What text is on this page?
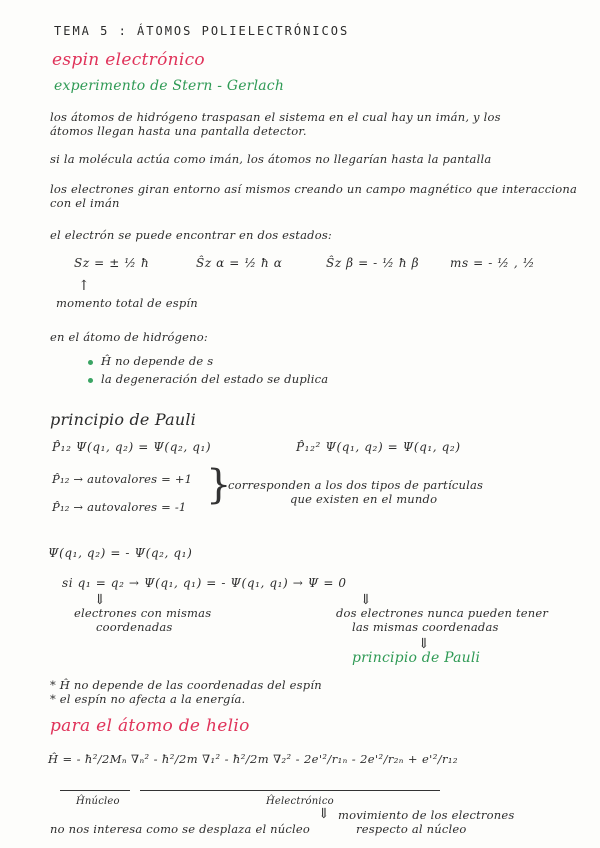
TEMA 5 : ÁTOMOS POLIELECTRÓNICOS
espin electrónico
experimento de Stern - Gerlach
los átomos de hidrógeno traspasan el sistema en el cual hay un imán, y los
átomos llegan hasta una pantalla detector.
si la molécula actúa como imán, los átomos no llegarían hasta la pantalla
los electrones giran entorno así mismos creando un campo magnético que interacciona
con el imán
el electrón se puede encontrar en dos estados:
Sz = ± ½ ħ	Ŝz α = ½ ħ α	Ŝz β = - ½ ħ β	ms = - ½ , ½
↑
momento total de espín
en el átomo de hidrógeno:
Ĥ no depende de s
la degeneración del estado se duplica
principio de Pauli
P̂₁₂ Ψ(q₁, q₂) = Ψ(q₂, q₁)	P̂₁₂² Ψ(q₁, q₂) = Ψ(q₁, q₂)
P̂₁₂ → autovalores = +1
P̂₁₂ → autovalores = -1 }
corresponden a los dos tipos de partículas
que existen en el mundo
Ψ(q₁, q₂) = - Ψ(q₂, q₁)
si q₁ = q₂ → Ψ(q₁, q₁) = - Ψ(q₁, q₁) → Ψ = 0
⇓
electrones con mismas
coordenadas
⇓
dos electrones nunca pueden tener
las mismas coordenadas
⇓
principio de Pauli
* Ĥ no depende de las coordenadas del espín
* el espín no afecta a la energía.
para el átomo de helio
Ĥ = - ħ²/2Mₙ ∇ₙ² - ħ²/2m ∇₁² - ħ²/2m ∇₂² - 2e'²/r₁ₙ - 2e'²/r₂ₙ + e'²/r₁₂
Ĥnúcleo	Ĥelectrónico
no nos interesa como se desplaza el núcleo
⇓ movimiento de los electrones
respecto al núcleo
